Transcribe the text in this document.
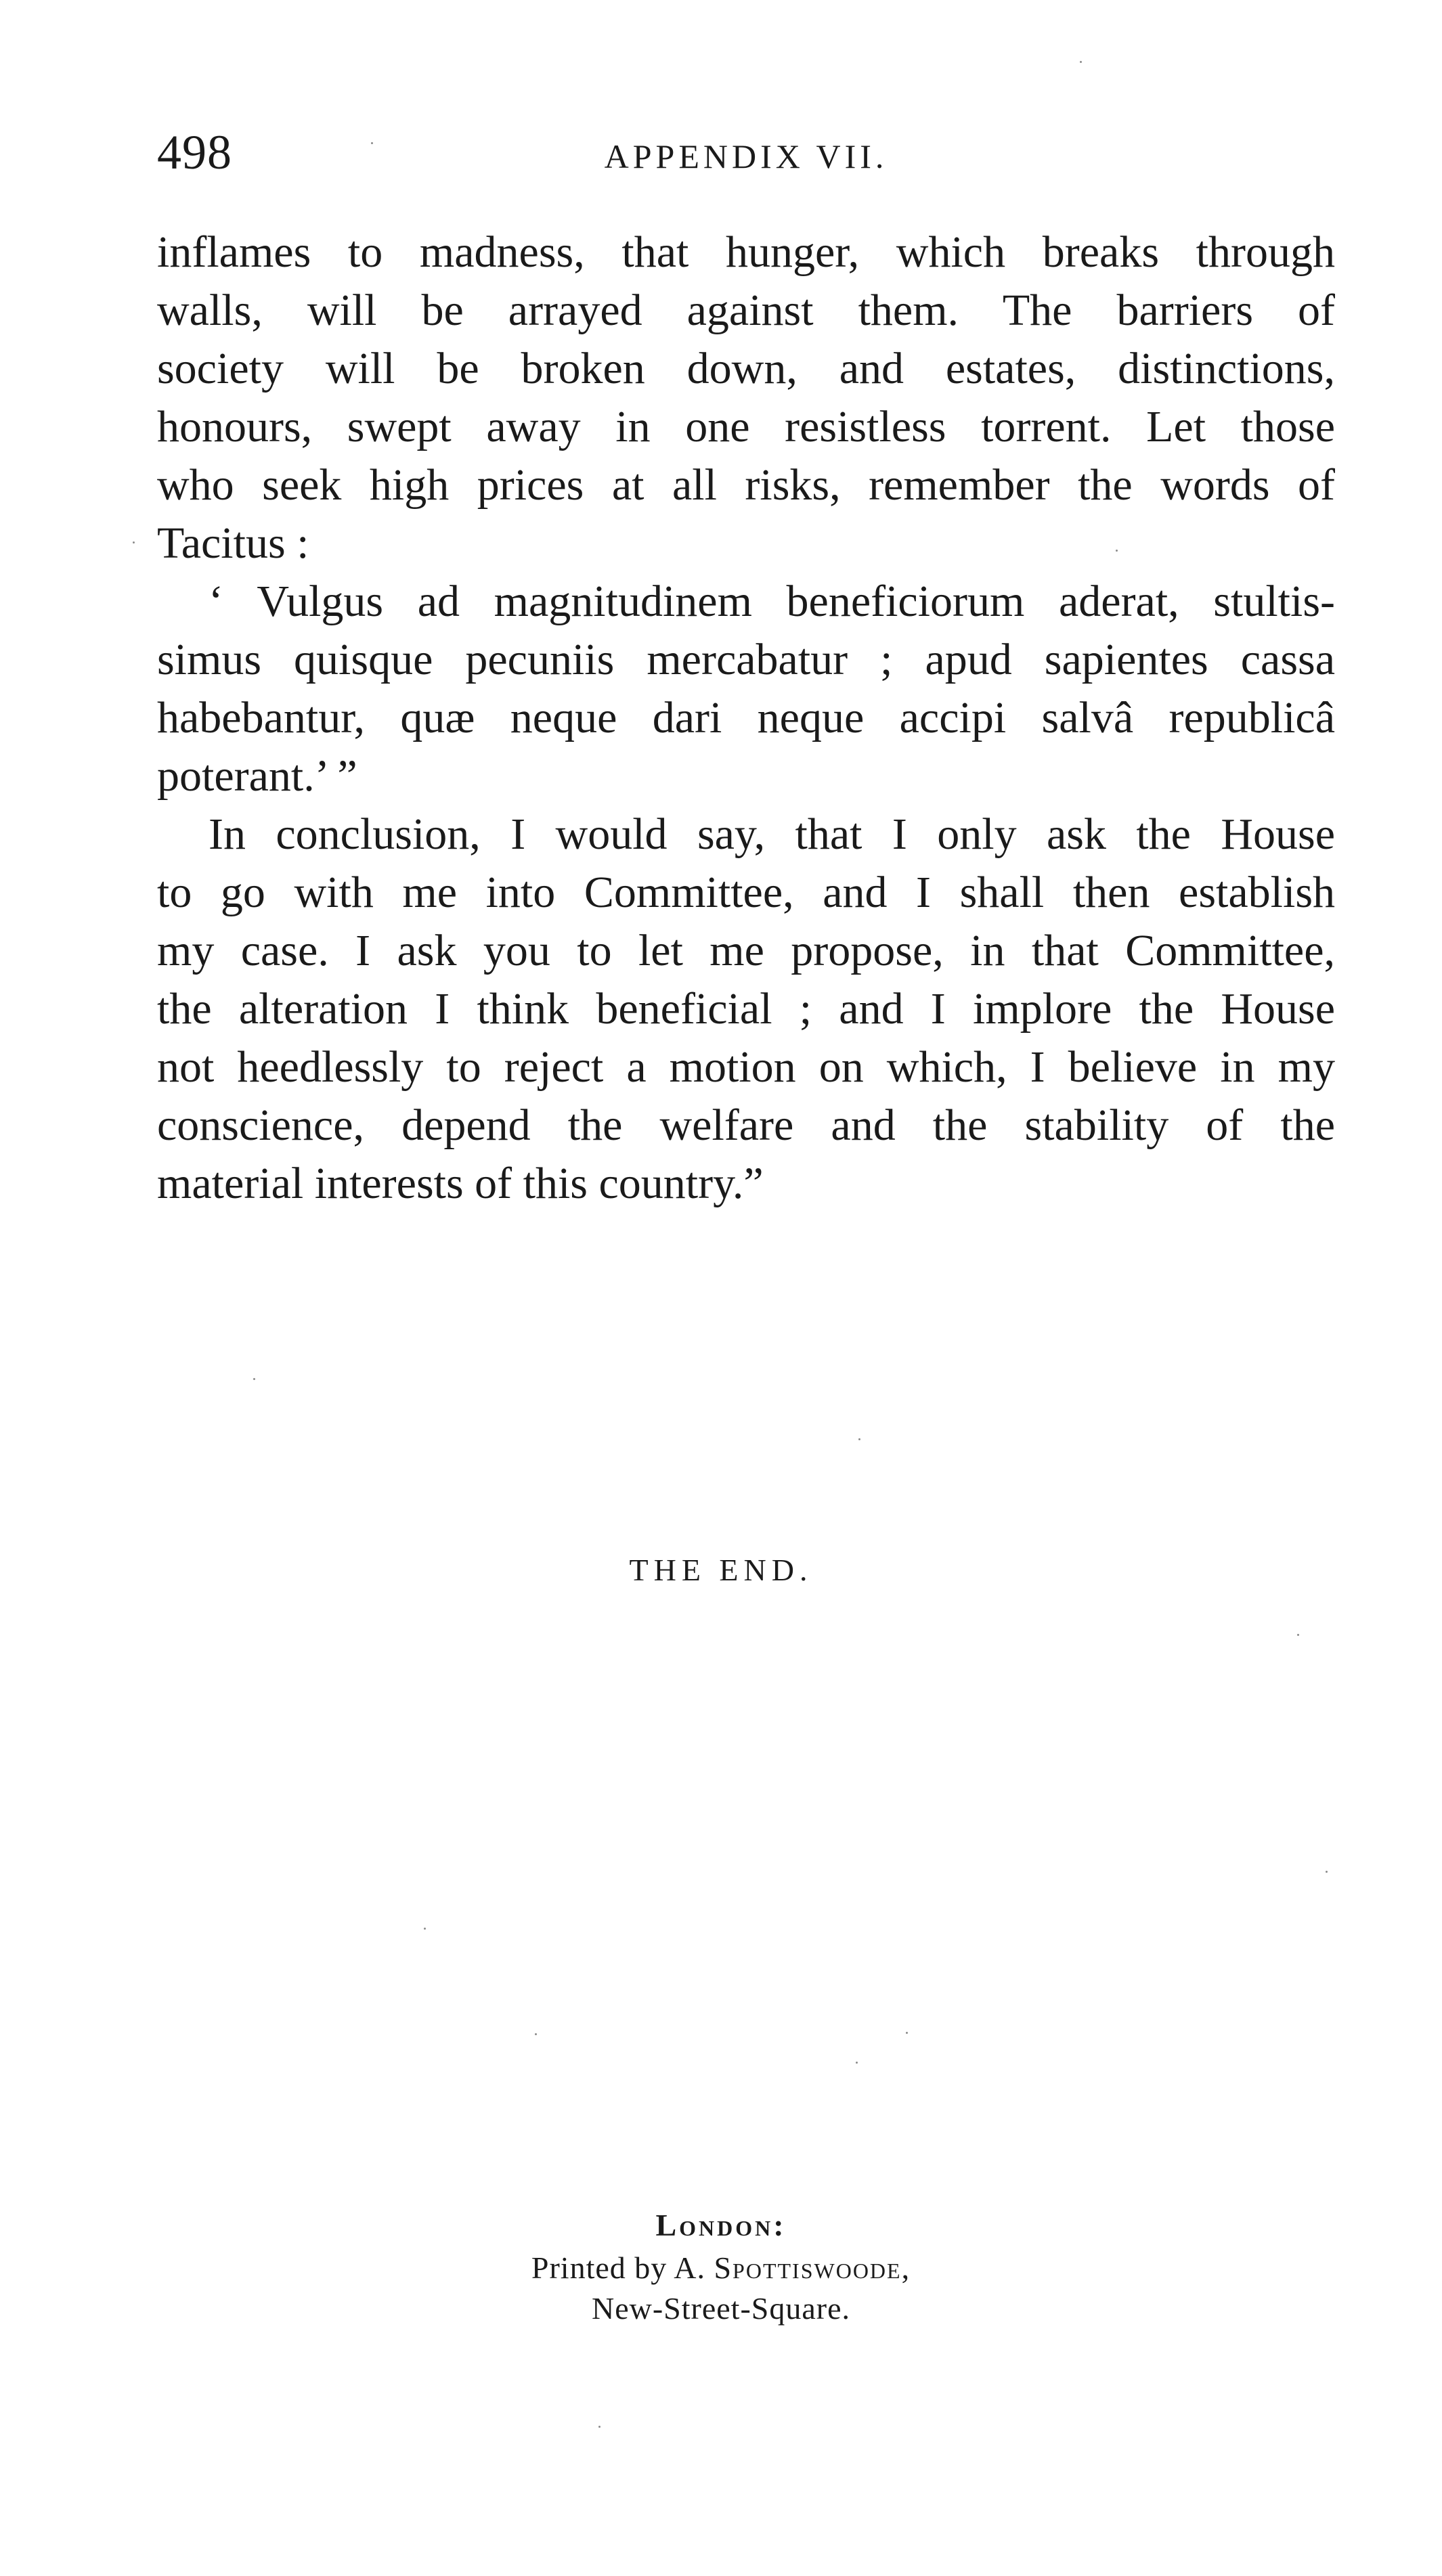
498	APPENDIX VII.
inflames to madness, that hunger, which breaks through
walls, will be arrayed against them. The barriers of
society will be broken down, and estates, distinctions,
honours, swept away in one resistless torrent. Let those
who seek high prices at all risks, remember the words of
Tacitus :
‘ Vulgus ad magnitudinem beneficiorum aderat, stultis-
simus quisque pecuniis mercabatur ; apud sapientes cassa
habebantur, quæ neque dari neque accipi salvâ republicâ
poterant.’ ”
In conclusion, I would say, that I only ask the House
to go with me into Committee, and I shall then establish
my case. I ask you to let me propose, in that Committee,
the alteration I think beneficial ; and I implore the House
not heedlessly to reject a motion on which, I believe in my
conscience, depend the welfare and the stability of the
material interests of this country.”
THE END.
London:
Printed by A. Spottiswoode,
New-Street-Square.
